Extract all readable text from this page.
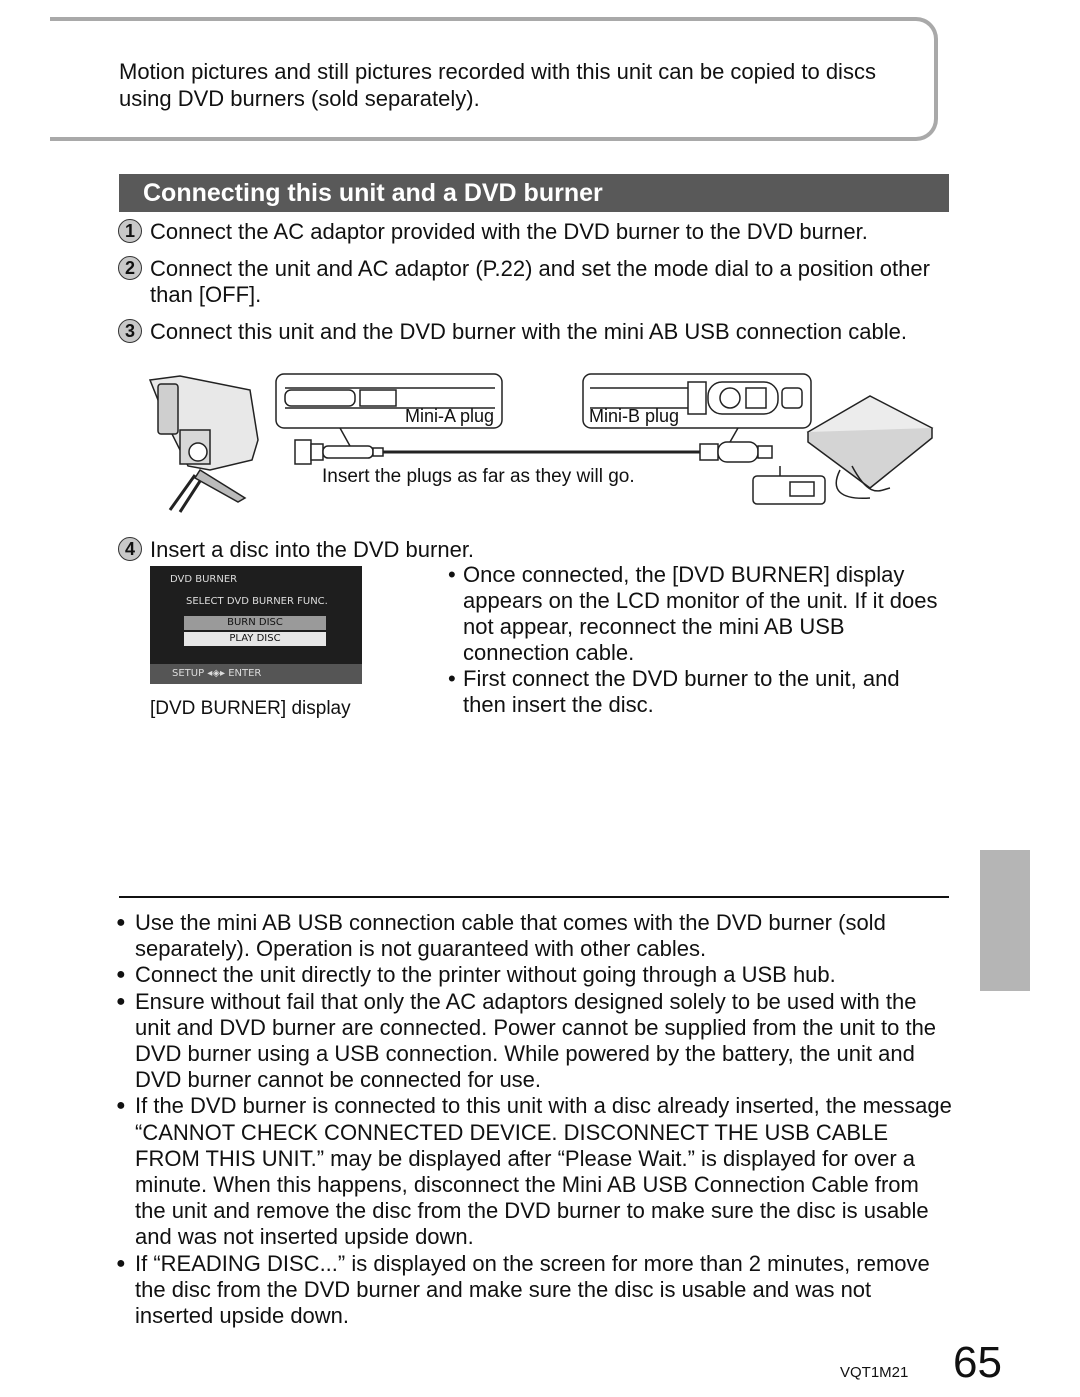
Motion pictures and still pictures recorded with this unit can be copied to discs using DVD burners (sold separately).
Connecting this unit and a DVD burner
1 Connect the AC adaptor provided with the DVD burner to the DVD burner.
2 Connect the unit and AC adaptor (P.22) and set the mode dial to a position other than [OFF].
3 Connect this unit and the DVD burner with the mini AB USB connection cable.
Mini-A plug	Mini-B plug
Insert the plugs as far as they will go.
4 Insert a disc into the DVD burner.
DVD BURNER
SELECT DVD BURNER FUNC.
BURN DISC
PLAY DISC
SETUP ◂◈▸ ENTER
[DVD BURNER] display
• Once connected, the [DVD BURNER] display appears on the LCD monitor of the unit. If it does not appear, reconnect the mini AB USB connection cable.
• First connect the DVD burner to the unit, and then insert the disc.
● Use the mini AB USB connection cable that comes with the DVD burner (sold separately). Operation is not guaranteed with other cables.
● Connect the unit directly to the printer without going through a USB hub.
● Ensure without fail that only the AC adaptors designed solely to be used with the unit and DVD burner are connected. Power cannot be supplied from the unit to the DVD burner using a USB connection. While powered by the battery, the unit and DVD burner cannot be connected for use.
● If the DVD burner is connected to this unit with a disc already inserted, the message “CANNOT CHECK CONNECTED DEVICE. DISCONNECT THE USB CABLE FROM THIS UNIT.” may be displayed after “Please Wait.” is displayed for over a minute. When this happens, disconnect the Mini AB USB Connection Cable from the unit and remove the disc from the DVD burner to make sure the disc is usable and was not inserted upside down.
● If “READING DISC...” is displayed on the screen for more than 2 minutes, remove the disc from the DVD burner and make sure the disc is usable and was not inserted upside down.
VQT1M21 65
